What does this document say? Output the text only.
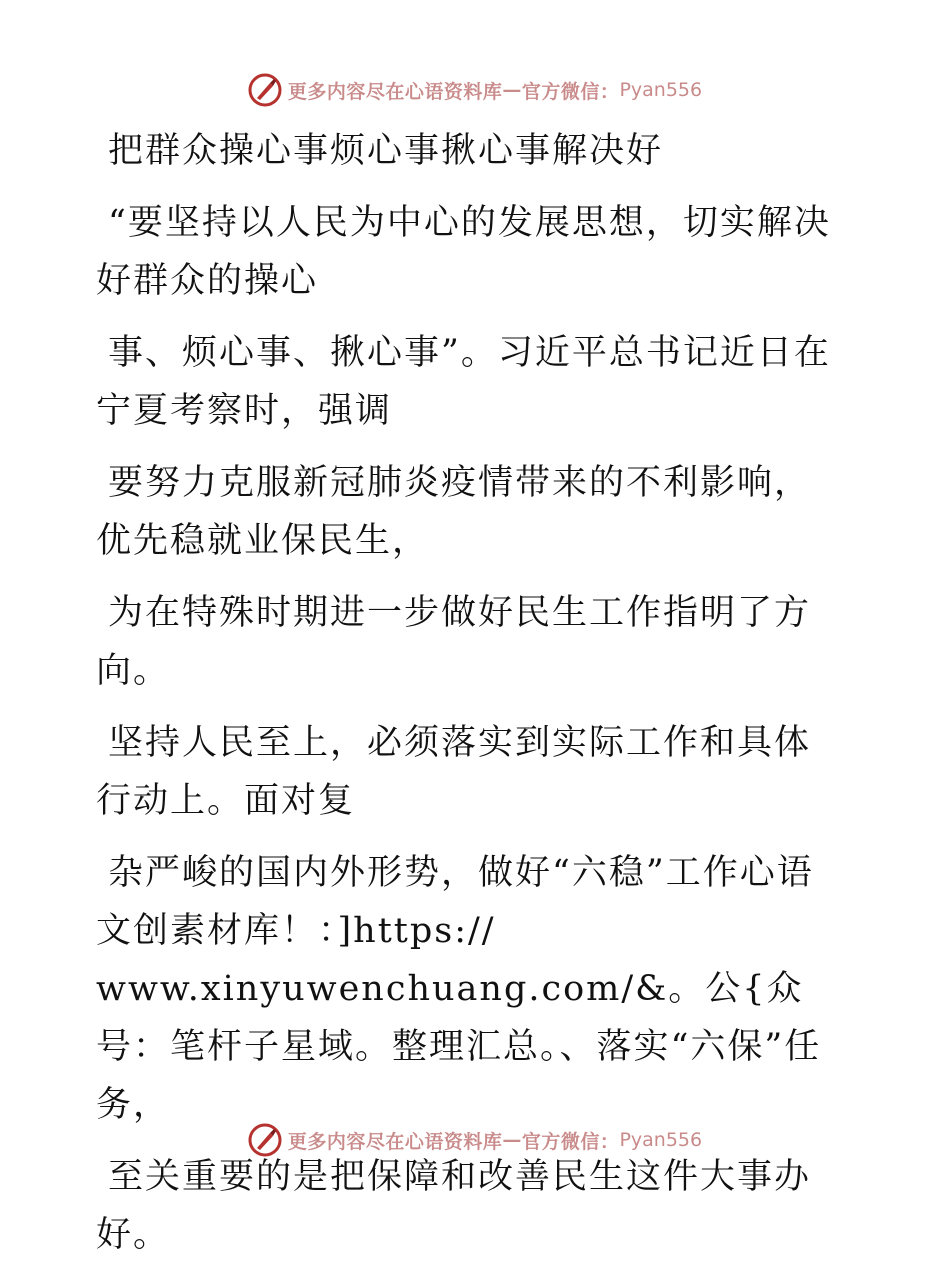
更多内容尽在心语资料库 — 官方微信： Pyan556

把群众操心事烦心事揪心事解决好

“要坚持以人民为中心的发展思想，切实解决好群众的操心

事、烦心事、揪心事”。习近平总书记近日在宁夏考察时，强调

要努力克服新冠肺炎疫情带来的不利影响，优先稳就业保民生，

为在特殊时期进一步做好民生工作指明了方向。

坚持人民至上，必须落实到实际工作和具体行动上。面对复

杂严峻的国内外形势，做好“六稳”工作心语文创素材库！：]https://

www.xinyuwenchuang.com/&。公{众号：笔杆子星域。整理汇总。、落实“六保”任务，

至关重要的是把保障和改善民生这件大事办好。

更多内容尽在心语资料库 — 官方微信： Pyan556
